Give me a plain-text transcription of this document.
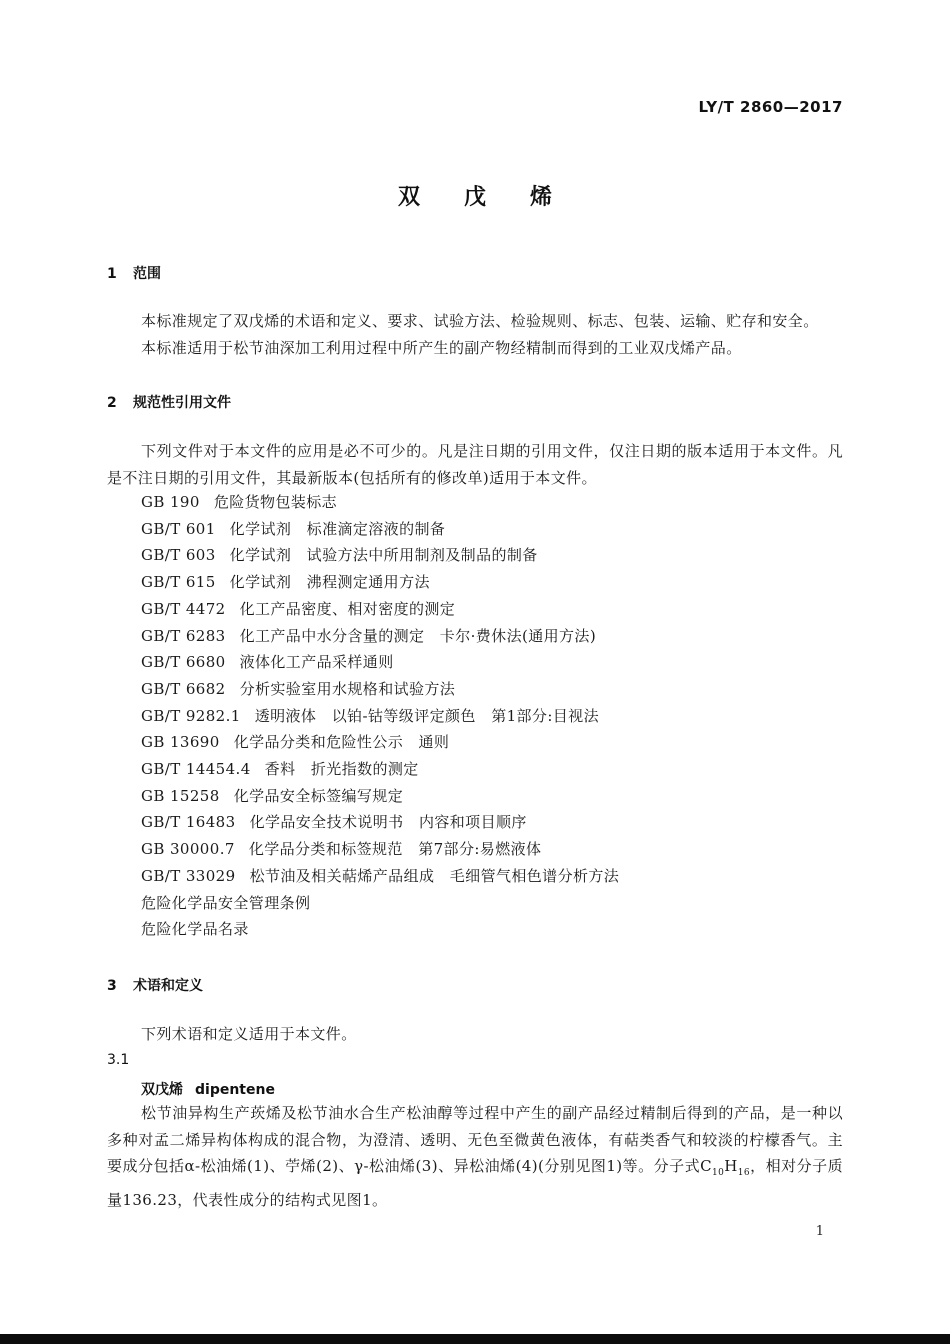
LY/T 2860—2017
双戊烯
1 范围
本标准规定了双戊烯的术语和定义、要求、试验方法、检验规则、标志、包装、运输、贮存和安全。
本标准适用于松节油深加工利用过程中所产生的副产物经精制而得到的工业双戊烯产品。
2 规范性引用文件
下列文件对于本文件的应用是必不可少的。凡是注日期的引用文件，仅注日期的版本适用于本文件。凡是不注日期的引用文件，其最新版本(包括所有的修改单)适用于本文件。
GB 190 危险货物包装标志
GB/T 601 化学试剂　标准滴定溶液的制备
GB/T 603 化学试剂　试验方法中所用制剂及制品的制备
GB/T 615 化学试剂　沸程测定通用方法
GB/T 4472 化工产品密度、相对密度的测定
GB/T 6283 化工产品中水分含量的测定　卡尔·费休法(通用方法)
GB/T 6680 液体化工产品采样通则
GB/T 6682 分析实验室用水规格和试验方法
GB/T 9282.1 透明液体　以铂-钴等级评定颜色　第1部分:目视法
GB 13690 化学品分类和危险性公示　通则
GB/T 14454.4 香料　折光指数的测定
GB 15258 化学品安全标签编写规定
GB/T 16483 化学品安全技术说明书　内容和项目顺序
GB 30000.7 化学品分类和标签规范　第7部分:易燃液体
GB/T 33029 松节油及相关萜烯产品组成　毛细管气相色谱分析方法
危险化学品安全管理条例
危险化学品名录
3 术语和定义
下列术语和定义适用于本文件。
3.1
双戊烯 dipentene
松节油异构生产莰烯及松节油水合生产松油醇等过程中产生的副产品经过精制后得到的产品，是一种以多种对孟二烯异构体构成的混合物，为澄清、透明、无色至微黄色液体，有萜类香气和较淡的柠檬香气。主要成分包括α-松油烯(1)、苧烯(2)、γ-松油烯(3)、异松油烯(4)(分别见图1)等。分子式$C_{10}H_{16}$，相对分子质量136.23，代表性成分的结构式见图1。
1
